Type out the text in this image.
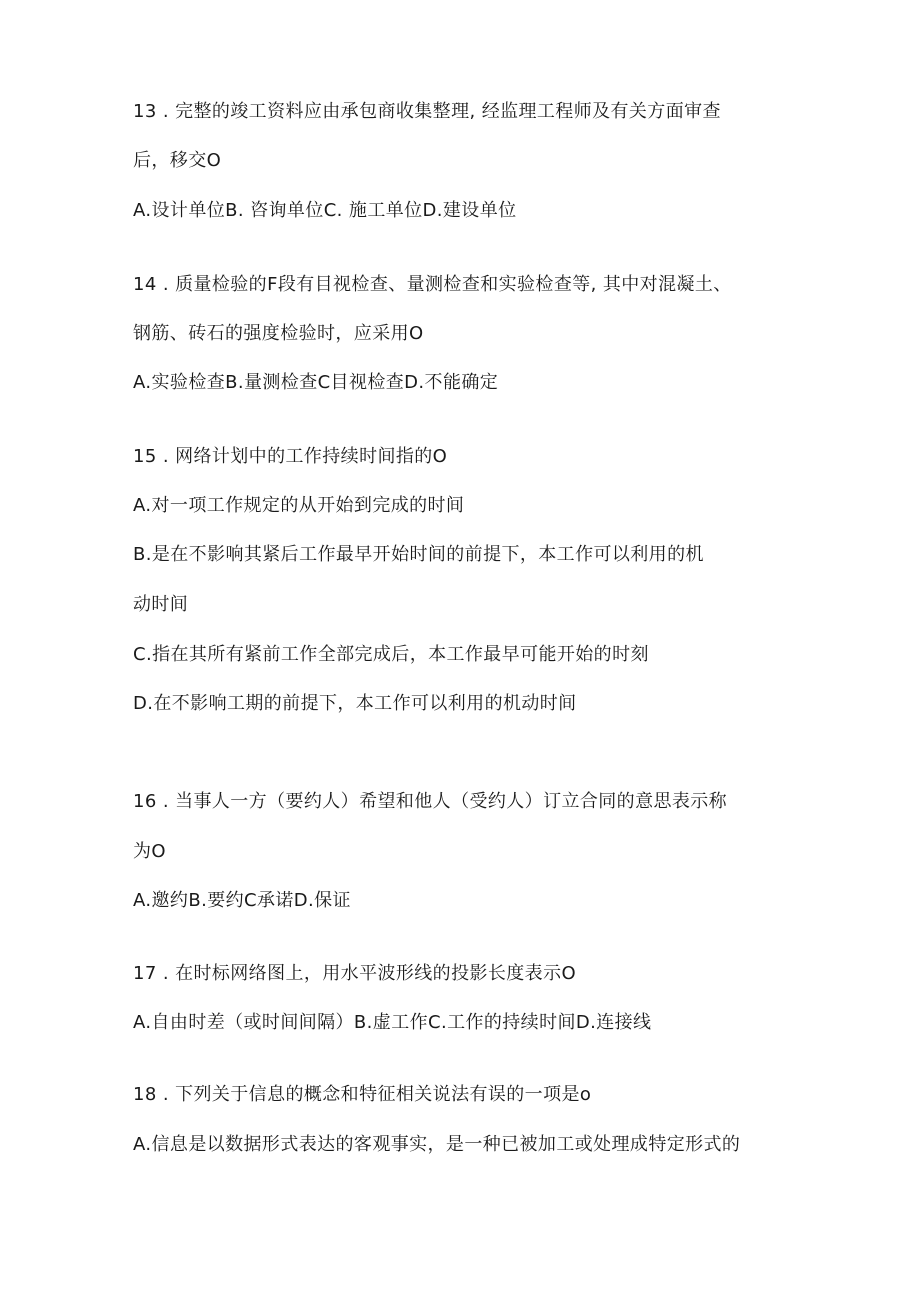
13 . 完整的竣工资料应由承包商收集整理, 经监理工程师及有关方面审查
后，移交O
A.设计单位B. 咨询单位C. 施工单位D.建设单位
14 . 质量检验的F段有目视检查、量测检查和实验检查等, 其中对混凝土、
钢筋、砖石的强度检验时，应采用O
A.实验检查B.量测检查C目视检查D.不能确定
15 . 网络计划中的工作持续时间指的O
A.对一项工作规定的从开始到完成的时间
B.是在不影响其紧后工作最早开始时间的前提下，本工作可以利用的机
动时间
C.指在其所有紧前工作全部完成后，本工作最早可能开始的时刻
D.在不影响工期的前提下，本工作可以利用的机动时间
16 . 当事人一方（要约人）希望和他人（受约人）订立合同的意思表示称
为O
A.邀约B.要约C承诺D.保证
17 . 在时标网络图上，用水平波形线的投影长度表示O
A.自由时差（或时间间隔）B.虚工作C.工作的持续时间D.连接线
18 . 下列关于信息的概念和特征相关说法有误的一项是o
A.信息是以数据形式表达的客观事实，是一种已被加工或处理成特定形式的
